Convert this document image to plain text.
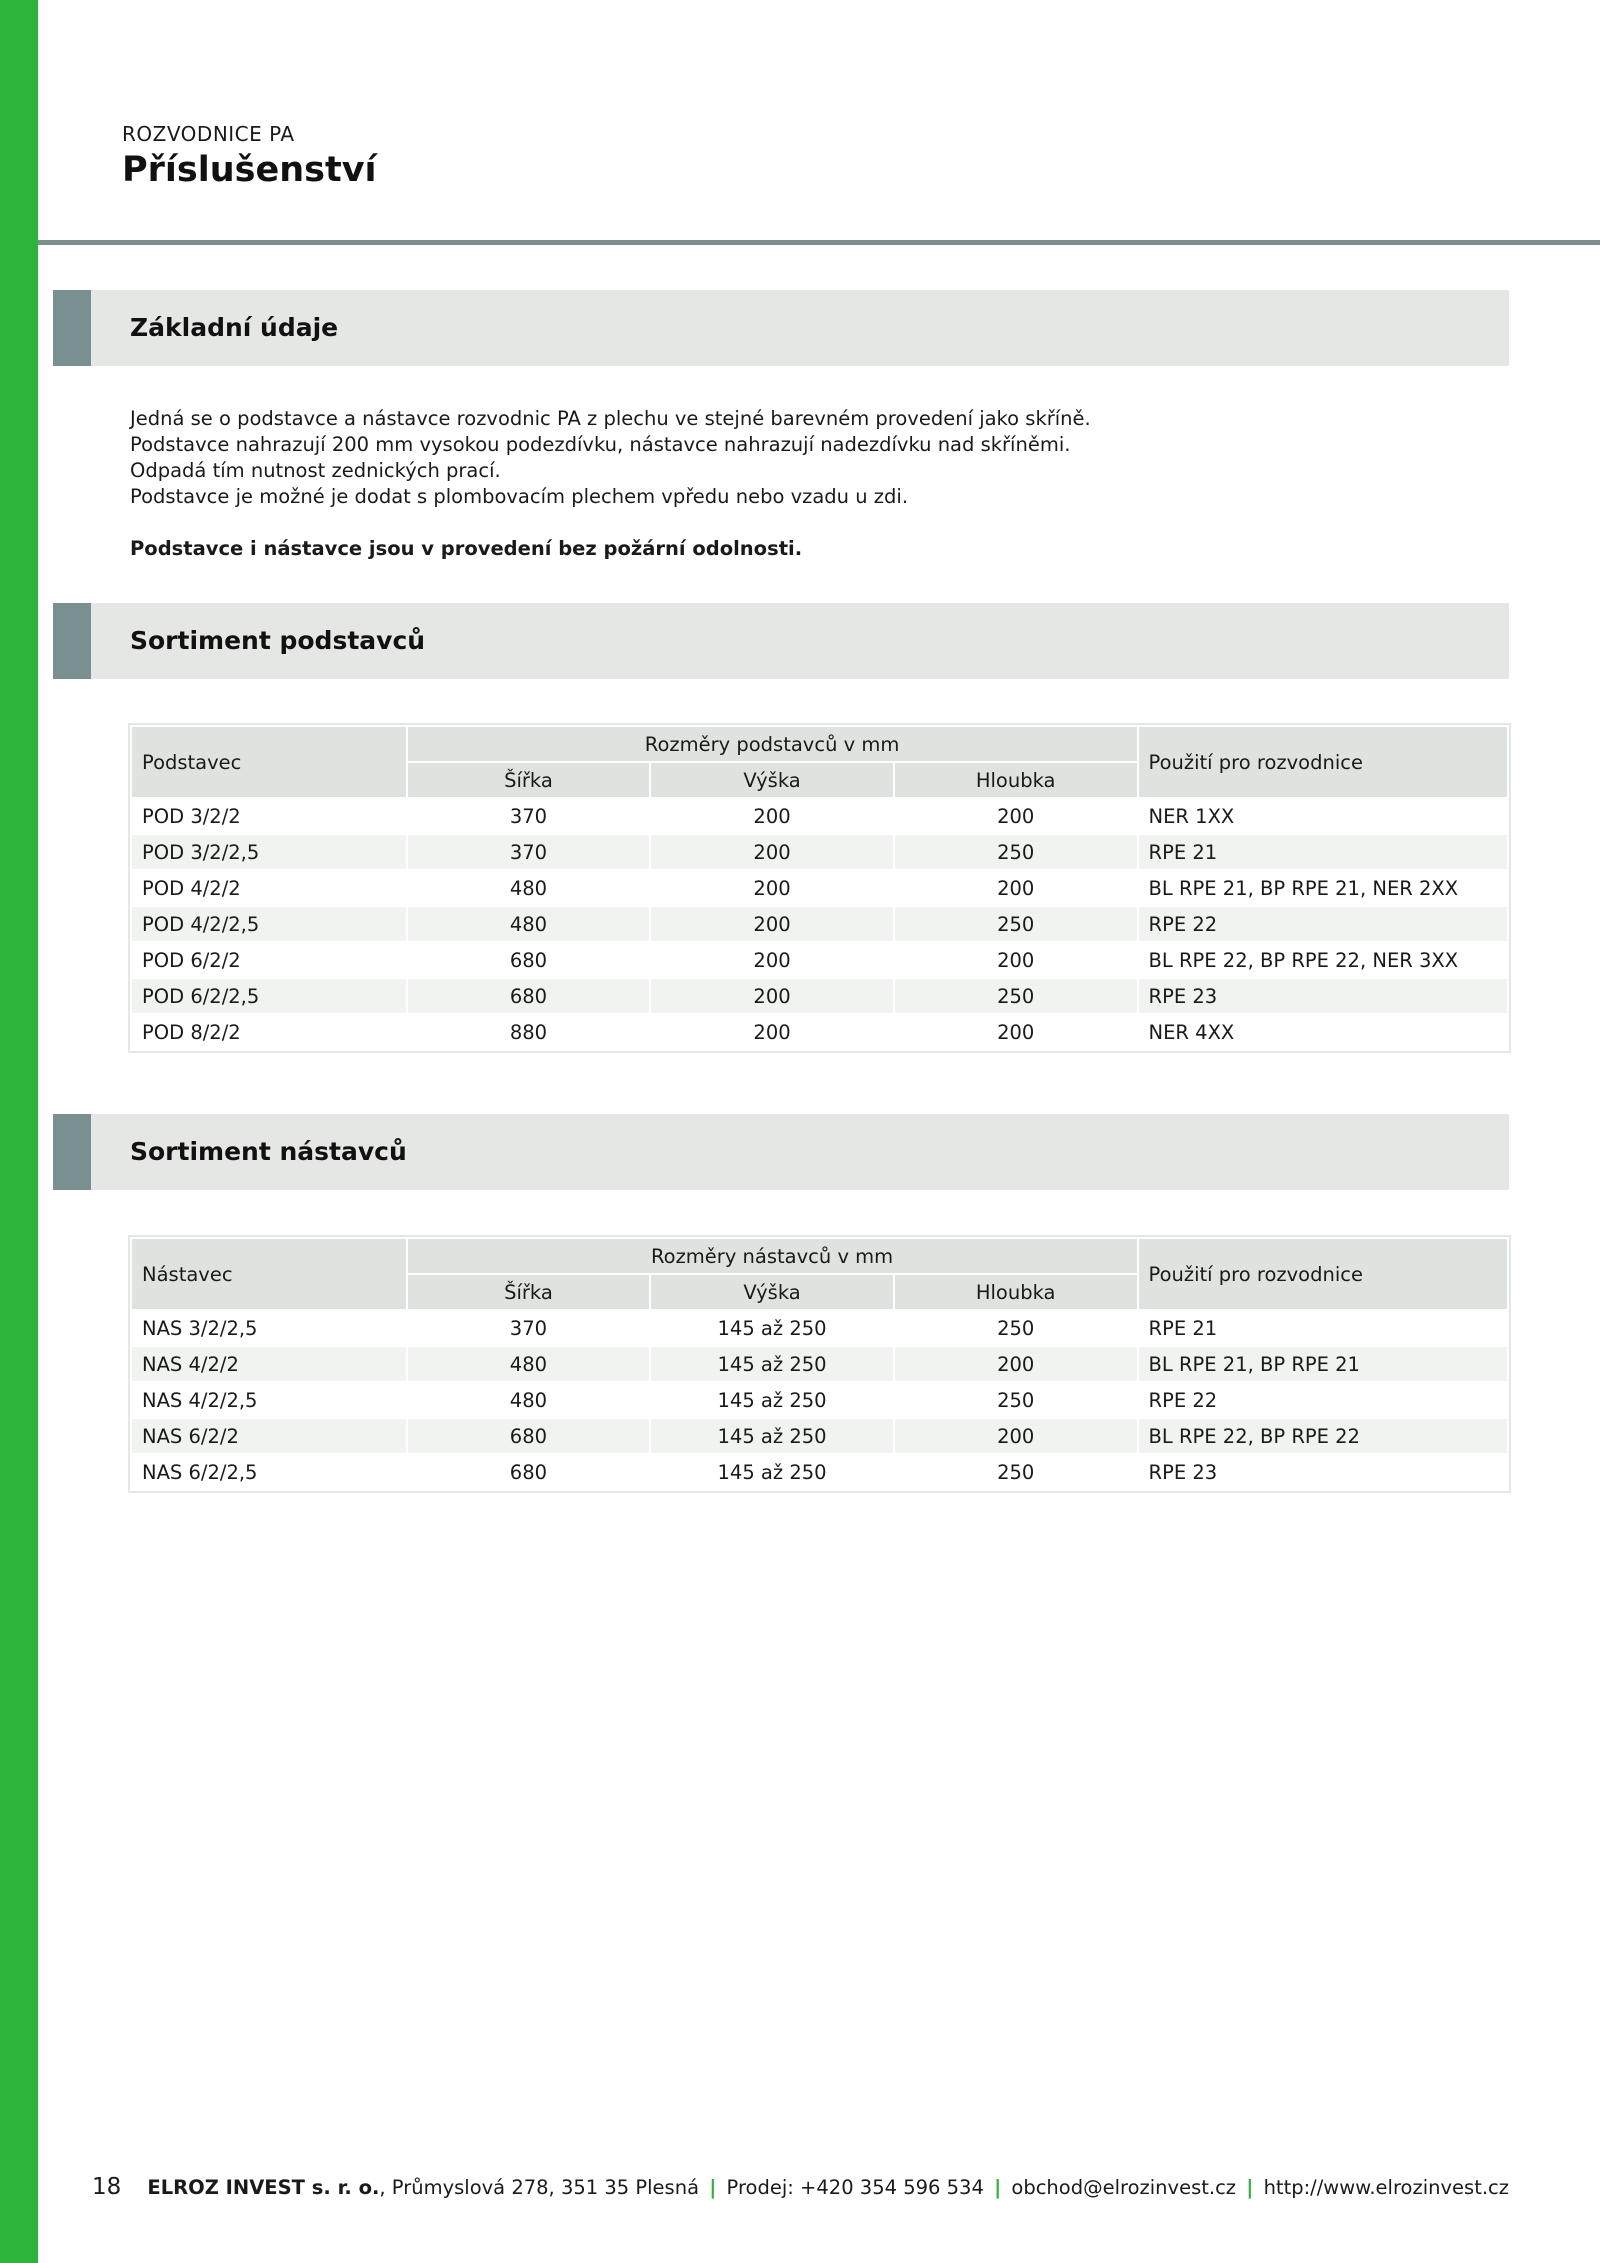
ROZVODNICE PA
Příslušenství
Základní údaje

Jedná se o podstavce a nástavce rozvodnic PA z plechu ve stejné barevném provedení jako skříně.

Podstavce nahrazují 200 mm vysokou podezdívku, nástavce nahrazují nadezdívku nad skříněmi.

Odpadá tím nutnost zednických prací.

Podstavce je možné je dodat s plombovacím plechem vpředu nebo vzadu u zdi.

Podstavce i nástavce jsou v provedení bez požární odolnosti.

Sortiment podstavců
Podstavec	Rozměry podstavců v mm			Použití pro rozvodnice
	Šířka	Výška	Hloubka	
POD 3/2/2	370	200	200	NER 1XX
POD 3/2/2,5	370	200	250	RPE 21
POD 4/2/2	480	200	200	BL RPE 21, BP RPE 21, NER 2XX
POD 4/2/2,5	480	200	250	RPE 22
POD 6/2/2	680	200	200	BL RPE 22, BP RPE 22, NER 3XX
POD 6/2/2,5	680	200	250	RPE 23
POD 8/2/2	880	200	200	NER 4XX
Sortiment nástavců
Nástavec	Rozměry nástavců v mm			Použití pro rozvodnice
	Šířka	Výška	Hloubka	
NAS 3/2/2,5	370	145 až 250	250	RPE 21
NAS 4/2/2	480	145 až 250	200	BL RPE 21, BP RPE 21
NAS 4/2/2,5	480	145 až 250	250	RPE 22
NAS 6/2/2	680	145 až 250	200	BL RPE 22, BP RPE 22
NAS 6/2/2,5	680	145 až 250	250	RPE 23
18 ELROZ INVEST s. r. o., Průmyslová 278, 351 35 Plesná | Prodej: +420 354 596 534 | obchod@elrozinvest.cz | http://www.elrozinvest.cz
